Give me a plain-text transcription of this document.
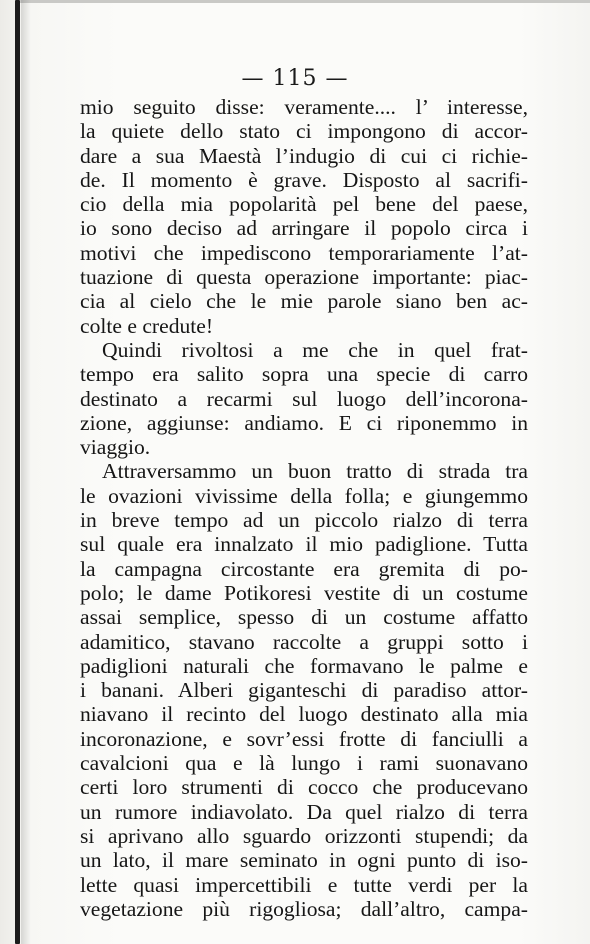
— 115 —
mio seguito disse: veramente.... l’ interesse,
la quiete dello stato ci impongono di accor-
dare a sua Maestà l’indugio di cui ci richie-
de. Il momento è grave. Disposto al sacrifi-
cio della mia popolarità pel bene del paese,
io sono deciso ad arringare il popolo circa i
motivi che impediscono temporariamente l’at-
tuazione di questa operazione importante: piac-
cia al cielo che le mie parole siano ben ac-
colte e credute!
Quindi rivoltosi a me che in quel frat-
tempo era salito sopra una specie di carro
destinato a recarmi sul luogo dell’incorona-
zione, aggiunse: andiamo. E ci riponemmo in
viaggio.
Attraversammo un buon tratto di strada tra
le ovazioni vivissime della folla; e giungemmo
in breve tempo ad un piccolo rialzo di terra
sul quale era innalzato il mio padiglione. Tutta
la campagna circostante era gremita di po-
polo; le dame Potikoresi vestite di un costume
assai semplice, spesso di un costume affatto
adamitico, stavano raccolte a gruppi sotto i
padiglioni naturali che formavano le palme e
i banani. Alberi giganteschi di paradiso attor-
niavano il recinto del luogo destinato alla mia
incoronazione, e sovr’essi frotte di fanciulli a
cavalcioni qua e là lungo i rami suonavano
certi loro strumenti di cocco che producevano
un rumore indiavolato. Da quel rialzo di terra
si aprivano allo sguardo orizzonti stupendi; da
un lato, il mare seminato in ogni punto di iso-
lette quasi impercettibili e tutte verdi per la
vegetazione più rigogliosa; dall’altro, campa-
